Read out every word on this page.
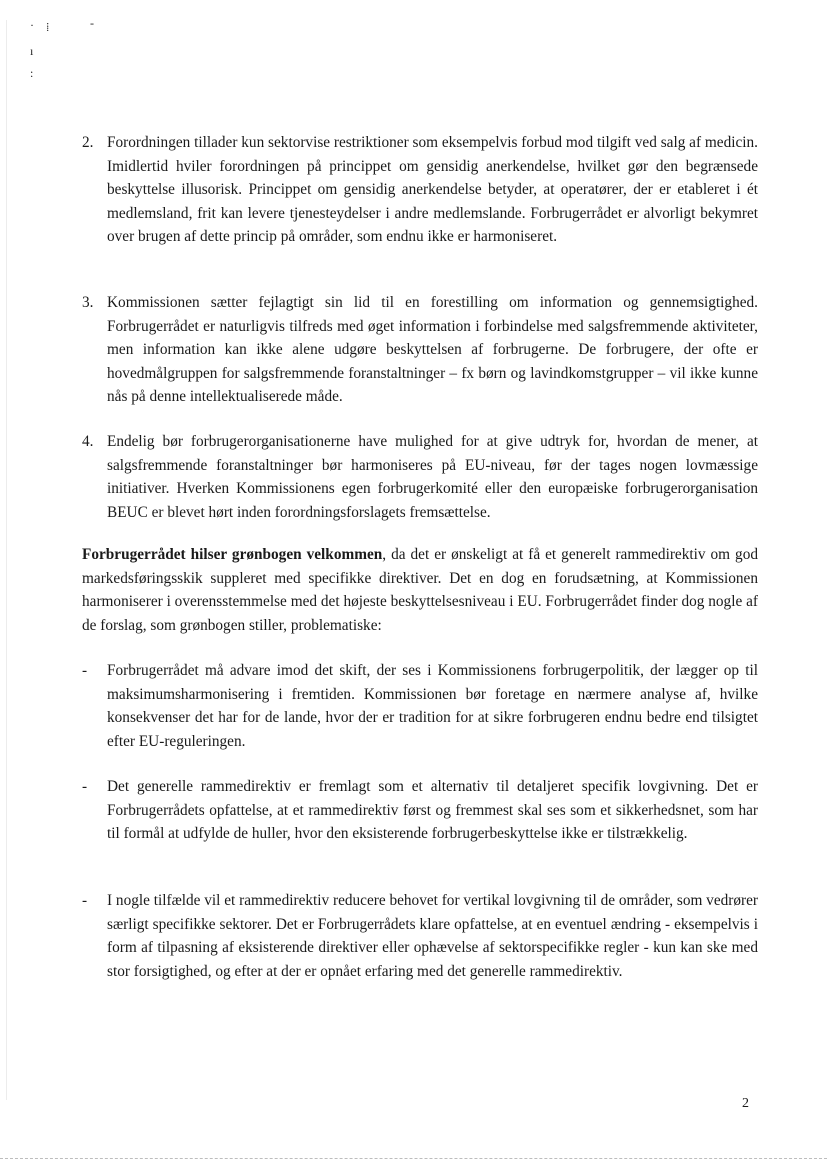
· ⁞	-
ı
:
2. Forordningen tillader kun sektorvise restriktioner som eksempelvis forbud mod tilgift ved salg af medicin. Imidlertid hviler forordningen på princippet om gensidig anerkendelse, hvilket gør den begrænsede beskyttelse illusorisk. Princippet om gensidig anerkendelse betyder, at operatører, der er etableret i ét medlemsland, frit kan levere tjenesteydelser i andre medlemslande. Forbrugerrådet er alvorligt bekymret over brugen af dette princip på områder, som endnu ikke er harmoniseret.
3. Kommissionen sætter fejlagtigt sin lid til en forestilling om information og gennemsigtighed. Forbrugerrådet er naturligvis tilfreds med øget information i forbindelse med salgsfremmende aktiviteter, men information kan ikke alene udgøre beskyttelsen af forbrugerne. De forbrugere, der ofte er hovedmålgruppen for salgsfremmende foranstaltninger – fx børn og lavindkomstgrupper – vil ikke kunne nås på denne intellektualiserede måde.
4. Endelig bør forbrugerorganisationerne have mulighed for at give udtryk for, hvordan de mener, at salgsfremmende foranstaltninger bør harmoniseres på EU-niveau, før der tages nogen lovmæssige initiativer. Hverken Kommissionens egen forbrugerkomité eller den europæiske forbrugerorganisation BEUC er blevet hørt inden forordningsforslagets fremsættelse.
Forbrugerrådet hilser grønbogen velkommen, da det er ønskeligt at få et generelt rammedirektiv om god markedsføringsskik suppleret med specifikke direktiver. Det en dog en forudsætning, at Kommissionen harmoniserer i overensstemmelse med det højeste beskyttelsesniveau i EU. Forbrugerrådet finder dog nogle af de forslag, som grønbogen stiller, problematiske:
-	Forbrugerrådet må advare imod det skift, der ses i Kommissionens forbrugerpolitik, der lægger op til maksimumsharmonisering i fremtiden. Kommissionen bør foretage en nærmere analyse af, hvilke konsekvenser det har for de lande, hvor der er tradition for at sikre forbrugeren endnu bedre end tilsigtet efter EU-reguleringen.
-	Det generelle rammedirektiv er fremlagt som et alternativ til detaljeret specifik lovgivning. Det er Forbrugerrådets opfattelse, at et rammedirektiv først og fremmest skal ses som et sikkerhedsnet, som har til formål at udfylde de huller, hvor den eksisterende forbrugerbeskyttelse ikke er tilstrækkelig.
-	I nogle tilfælde vil et rammedirektiv reducere behovet for vertikal lovgivning til de områder, som vedrører særligt specifikke sektorer. Det er Forbrugerrådets klare opfattelse, at en eventuel ændring - eksempelvis i form af tilpasning af eksisterende direktiver eller ophævelse af sektorspecifikke regler - kun kan ske med stor forsigtighed, og efter at der er opnået erfaring med det generelle rammedirektiv.
2
